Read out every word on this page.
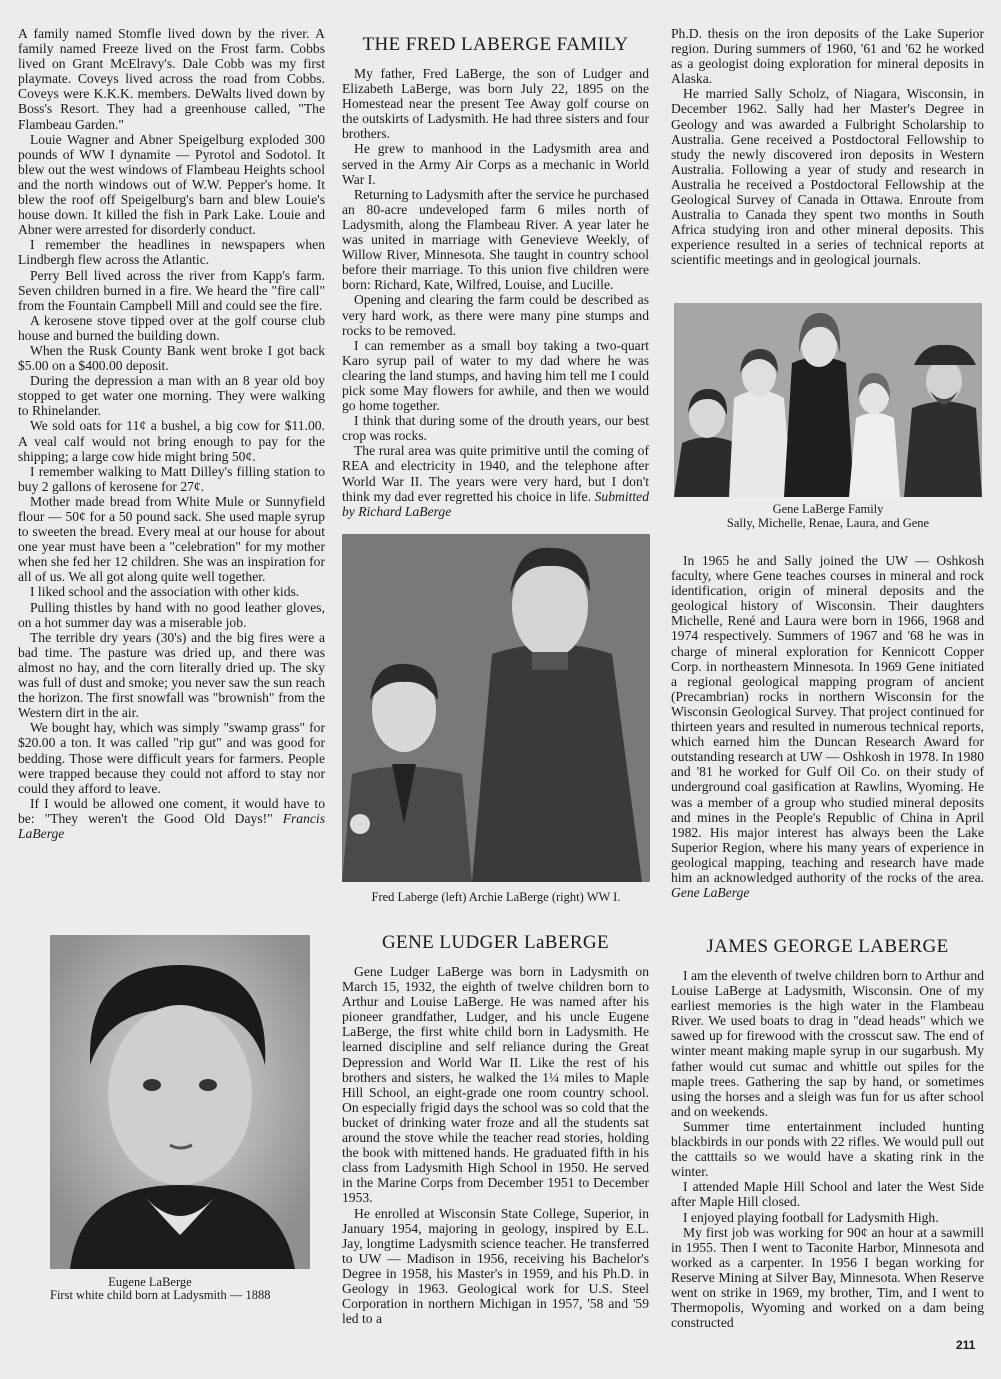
A family named Stomfle lived down by the river. A family named Freeze lived on the Frost farm. Cobbs lived on Grant McElravy's. Dale Cobb was my first playmate. Coveys lived across the road from Cobbs. Coveys were K.K.K. members. DeWalts lived down by Boss's Resort. They had a greenhouse called, "The Flambeau Garden."

Louie Wagner and Abner Speigelburg exploded 300 pounds of WW I dynamite — Pyrotol and Sodotol. It blew out the west windows of Flambeau Heights school and the north windows out of W.W. Pepper's home. It blew the roof off Speigelburg's barn and blew Louie's house down. It killed the fish in Park Lake. Louie and Abner were arrested for disorderly conduct.

I remember the headlines in newspapers when Lindbergh flew across the Atlantic.

Perry Bell lived across the river from Kapp's farm. Seven children burned in a fire. We heard the "fire call" from the Fountain Campbell Mill and could see the fire.

A kerosene stove tipped over at the golf course club house and burned the building down.

When the Rusk County Bank went broke I got back $5.00 on a $400.00 deposit.

During the depression a man with an 8 year old boy stopped to get water one morning. They were walking to Rhinelander.

We sold oats for 11¢ a bushel, a big cow for $11.00. A veal calf would not bring enough to pay for the shipping; a large cow hide might bring 50¢.

I remember walking to Matt Dilley's filling station to buy 2 gallons of kerosene for 27¢.

Mother made bread from White Mule or Sunnyfield flour — 50¢ for a 50 pound sack. She used maple syrup to sweeten the bread. Every meal at our house for about one year must have been a "celebration" for my mother when she fed her 12 children. She was an inspiration for all of us. We all got along quite well together.

I liked school and the association with other kids.

Pulling thistles by hand with no good leather gloves, on a hot summer day was a miserable job.

The terrible dry years (30's) and the big fires were a bad time. The pasture was dried up, and there was almost no hay, and the corn literally dried up. The sky was full of dust and smoke; you never saw the sun reach the horizon. The first snowfall was "brownish" from the Western dirt in the air.

We bought hay, which was simply "swamp grass" for $20.00 a ton. It was called "rip gut" and was good for bedding. Those were difficult years for farmers. People were trapped because they could not afford to stay nor could they afford to leave.

If I would be allowed one coment, it would have to be: "They weren't the Good Old Days!" Francis LaBerge

Eugene LaBerge
First white child born at Ladysmith — 1888
THE FRED LABERGE FAMILY

My father, Fred LaBerge, the son of Ludger and Elizabeth LaBerge, was born July 22, 1895 on the Homestead near the present Tee Away golf course on the outskirts of Ladysmith. He had three sisters and four brothers.

He grew to manhood in the Ladysmith area and served in the Army Air Corps as a mechanic in World War I.

Returning to Ladysmith after the service he purchased an 80-acre undeveloped farm 6 miles north of Ladysmith, along the Flambeau River. A year later he was united in marriage with Genevieve Weekly, of Willow River, Minnesota. She taught in country school before their marriage. To this union five children were born: Richard, Kate, Wilfred, Louise, and Lucille.

Opening and clearing the farm could be described as very hard work, as there were many pine stumps and rocks to be removed.

I can remember as a small boy taking a two-quart Karo syrup pail of water to my dad where he was clearing the land stumps, and having him tell me I could pick some May flowers for awhile, and then we would go home together.

I think that during some of the drouth years, our best crop was rocks.

The rural area was quite primitive until the coming of REA and electricity in 1940, and the telephone after World War II. The years were very hard, but I don't think my dad ever regretted his choice in life. Submitted by Richard LaBerge

Fred Laberge (left) Archie LaBerge (right) WW I.
GENE LUDGER LaBERGE

Gene Ludger LaBerge was born in Ladysmith on March 15, 1932, the eighth of twelve children born to Arthur and Louise LaBerge. He was named after his pioneer grandfather, Ludger, and his uncle Eugene LaBerge, the first white child born in Ladysmith. He learned discipline and self reliance during the Great Depression and World War II. Like the rest of his brothers and sisters, he walked the 1¼ miles to Maple Hill School, an eight-grade one room country school. On especially frigid days the school was so cold that the bucket of drinking water froze and all the students sat around the stove while the teacher read stories, holding the book with mittened hands. He graduated fifth in his class from Ladysmith High School in 1950. He served in the Marine Corps from December 1951 to December 1953.

He enrolled at Wisconsin State College, Superior, in January 1954, majoring in geology, inspired by E.L. Jay, longtime Ladysmith science teacher. He transferred to UW — Madison in 1956, receiving his Bachelor's Degree in 1958, his Master's in 1959, and his Ph.D. in Geology in 1963. Geological work for U.S. Steel Corporation in northern Michigan in 1957, '58 and '59 led to a

Ph.D. thesis on the iron deposits of the Lake Superior region. During summers of 1960, '61 and '62 he worked as a geologist doing exploration for mineral deposits in Alaska.

He married Sally Scholz, of Niagara, Wisconsin, in December 1962. Sally had her Master's Degree in Geology and was awarded a Fulbright Scholarship to Australia. Gene received a Postdoctoral Fellowship to study the newly discovered iron deposits in Western Australia. Following a year of study and research in Australia he received a Postdoctoral Fellowship at the Geological Survey of Canada in Ottawa. Enroute from Australia to Canada they spent two months in South Africa studying iron and other mineral deposits. This experience resulted in a series of technical reports at scientific meetings and in geological journals.

Gene LaBerge Family
Sally, Michelle, Renae, Laura, and Gene

In 1965 he and Sally joined the UW — Oshkosh faculty, where Gene teaches courses in mineral and rock identification, origin of mineral deposits and the geological history of Wisconsin. Their daughters Michelle, René and Laura were born in 1966, 1968 and 1974 respectively. Summers of 1967 and '68 he was in charge of mineral exploration for Kennicott Copper Corp. in northeastern Minnesota. In 1969 Gene initiated a regional geological mapping program of ancient (Precambrian) rocks in northern Wisconsin for the Wisconsin Geological Survey. That project continued for thirteen years and resulted in numerous technical reports, which earned him the Duncan Research Award for outstanding research at UW — Oshkosh in 1978. In 1980 and '81 he worked for Gulf Oil Co. on their study of underground coal gasification at Rawlins, Wyoming. He was a member of a group who studied mineral deposits and mines in the People's Republic of China in April 1982. His major interest has always been the Lake Superior Region, where his many years of experience in geological mapping, teaching and research have made him an acknowledged authority of the rocks of the area. Gene LaBerge

JAMES GEORGE LABERGE

I am the eleventh of twelve children born to Arthur and Louise LaBerge at Ladysmith, Wisconsin. One of my earliest memories is the high water in the Flambeau River. We used boats to drag in "dead heads" which we sawed up for firewood with the crosscut saw. The end of winter meant making maple syrup in our sugarbush. My father would cut sumac and whittle out spiles for the maple trees. Gathering the sap by hand, or sometimes using the horses and a sleigh was fun for us after school and on weekends.

Summer time entertainment included hunting blackbirds in our ponds with 22 rifles. We would pull out the catttails so we would have a skating rink in the winter.

I attended Maple Hill School and later the West Side after Maple Hill closed.

I enjoyed playing football for Ladysmith High.

My first job was working for 90¢ an hour at a sawmill in 1955. Then I went to Taconite Harbor, Minnesota and worked as a carpenter. In 1956 I began working for Reserve Mining at Silver Bay, Minnesota. When Reserve went on strike in 1969, my brother, Tim, and I went to Thermopolis, Wyoming and worked on a dam being constructed

211
